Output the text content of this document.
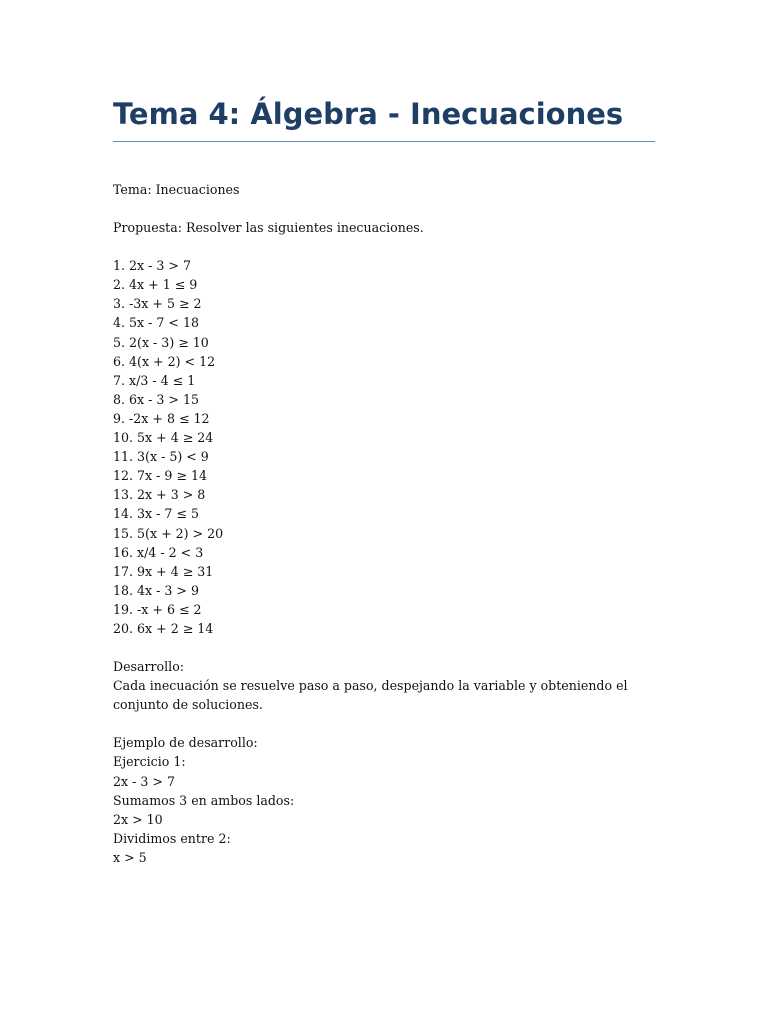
Tema 4: Álgebra - Inecuaciones

Tema: Inecuaciones

Propuesta: Resolver las siguientes inecuaciones.

1. 2x - 3 > 7
2. 4x + 1 ≤ 9
3. -3x + 5 ≥ 2
4. 5x - 7 < 18
5. 2(x - 3) ≥ 10
6. 4(x + 2) < 12
7. x/3 - 4 ≤ 1
8. 6x - 3 > 15
9. -2x + 8 ≤ 12
10. 5x + 4 ≥ 24
11. 3(x - 5) < 9
12. 7x - 9 ≥ 14
13. 2x + 3 > 8
14. 3x - 7 ≤ 5
15. 5(x + 2) > 20
16. x/4 - 2 < 3
17. 9x + 4 ≥ 31
18. 4x - 3 > 9
19. -x + 6 ≤ 2
20. 6x + 2 ≥ 14
Desarrollo:
Cada inecuación se resuelve paso a paso, despejando la variable y obteniendo el conjunto de soluciones.
Ejemplo de desarrollo:
Ejercicio 1:
2x - 3 > 7
Sumamos 3 en ambos lados:
2x > 10
Dividimos entre 2:
x > 5
